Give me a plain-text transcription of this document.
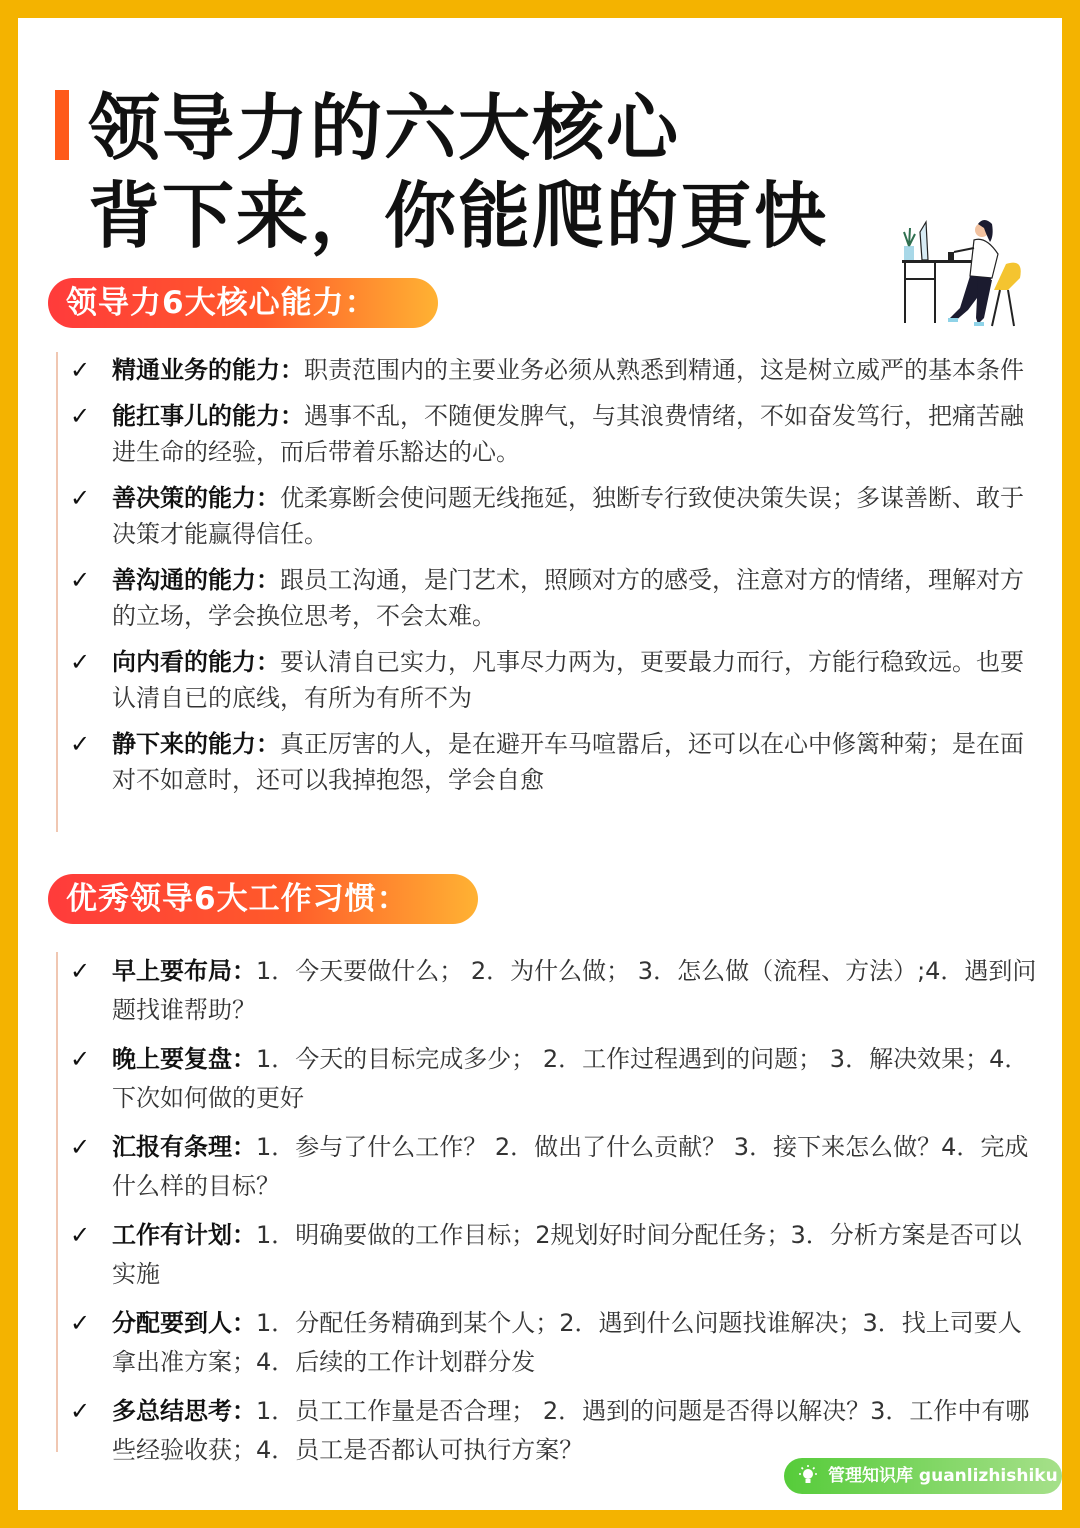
领导力的六大核心
背下来，你能爬的更快
领导力6大核心能力：
✓ 精通业务的能力：职责范围内的主要业务必须从熟悉到精通，这是树立威严的基本条件
✓ 能扛事儿的能力：遇事不乱，不随便发脾气，与其浪费情绪，不如奋发笃行，把痛苦融进生命的经验，而后带着乐豁达的心。
✓ 善决策的能力：优柔寡断会使问题无线拖延，独断专行致使决策失误；多谋善断、敢于决策才能赢得信任。
✓ 善沟通的能力：跟员工沟通，是门艺术，照顾对方的感受，注意对方的情绪，理解对方的立场，学会换位思考，不会太难。
✓ 向内看的能力：要认清自已实力，凡事尽力两为，更要最力而行，方能行稳致远。也要认清自已的底线，有所为有所不为
✓ 静下来的能力：真正厉害的人，是在避开车马喧嚣后，还可以在心中修篱种菊；是在面对不如意时，还可以我掉抱怨，学会自愈
优秀领导6大工作习惯：
✓ 早上要布局：1．今天要做什么； 2．为什么做； 3．怎么做（流程、方法）;4．遇到问题找谁帮助？
✓ 晚上要复盘：1．今天的目标完成多少； 2．工作过程遇到的问题； 3．解决效果；4．下次如何做的更好
✓ 汇报有条理：1．参与了什么工作？ 2．做出了什么贡献？ 3．接下来怎么做？4．完成什么样的目标？
✓ 工作有计划：1．明确要做的工作目标；2规划好时间分配任务；3．分析方案是否可以实施
✓ 分配要到人：1．分配任务精确到某个人；2．遇到什么问题找谁解决；3．找上司要人拿出准方案；4．后续的工作计划群分发
✓ 多总结思考：1．员工工作量是否合理； 2．遇到的问题是否得以解决？3．工作中有哪些经验收获；4．员工是否都认可执行方案？
管理知识库 guanlizhishiku
